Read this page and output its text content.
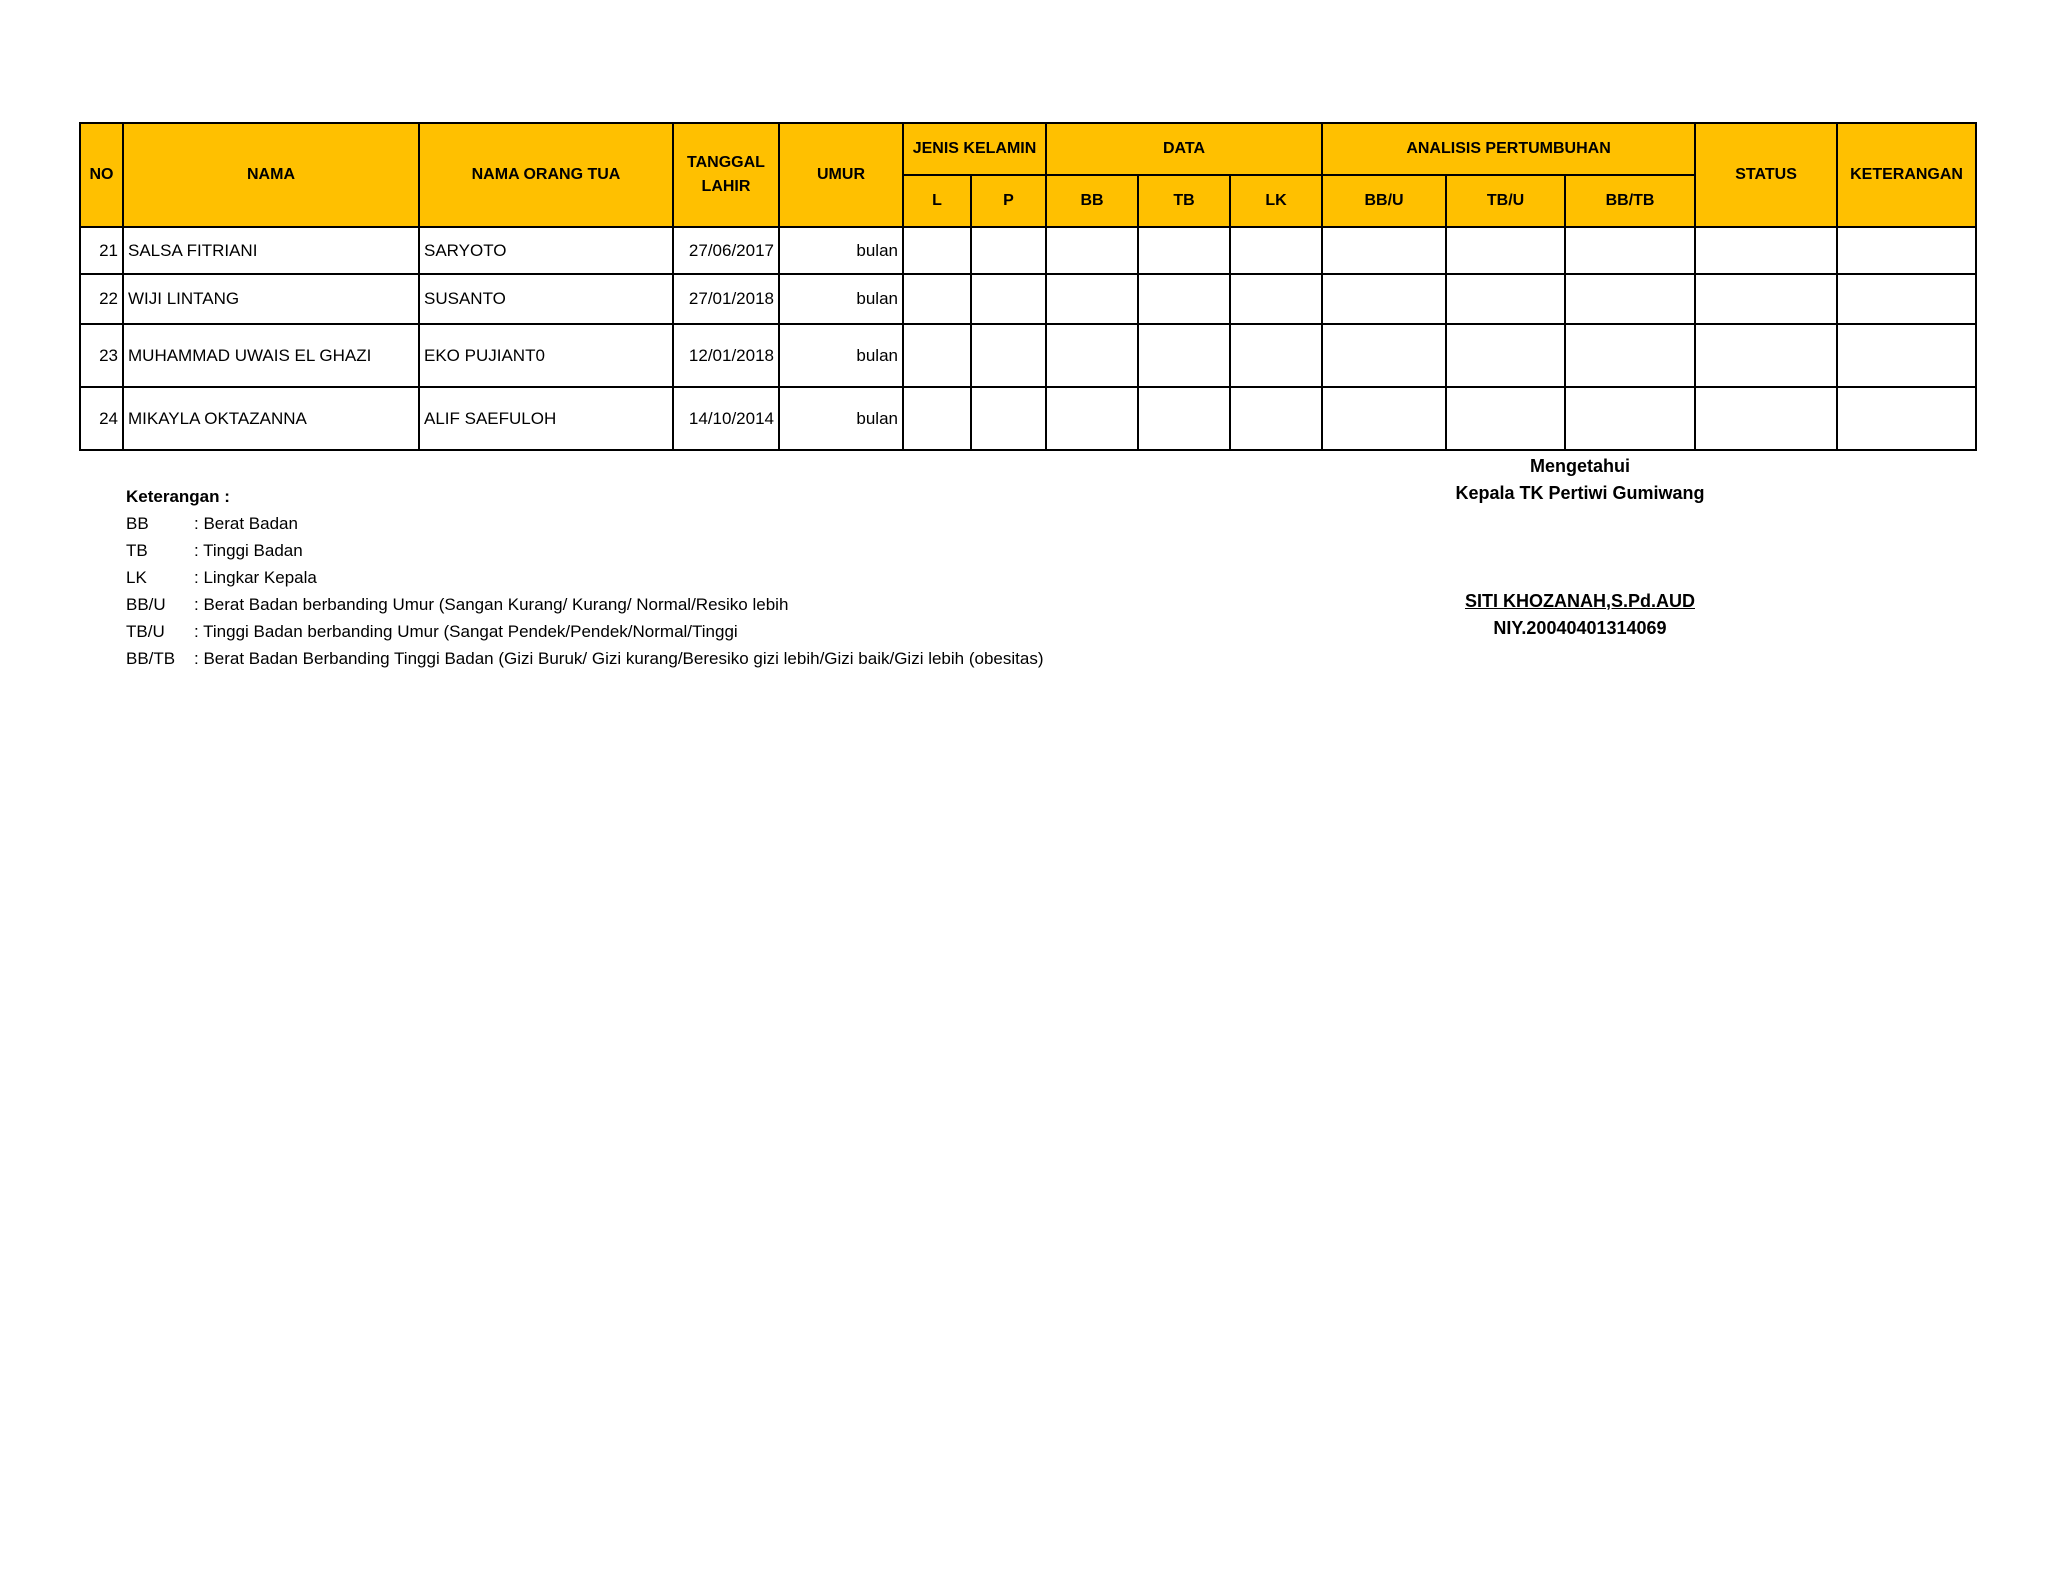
NO	NAMA	NAMA ORANG TUA	TANGGAL LAHIR	UMUR	JENIS KELAMIN		DATA			ANALISIS PERTUMBUHAN			STATUS	KETERANGAN
					L	P	BB	TB	LK	BB/U	TB/U	BB/TB		
21	SALSA FITRIANI	SARYOTO	27/06/2017	bulan										
22	WIJI LINTANG	SUSANTO	27/01/2018	bulan										
23	MUHAMMAD UWAIS EL GHAZI	EKO PUJIANT0	12/01/2018	bulan										
24	MIKAYLA OKTAZANNA	ALIF SAEFULOH	14/10/2014	bulan										
Keterangan :
BB	: Berat Badan
TB	: Tinggi Badan
LK	: Lingkar Kepala
BB/U	: Berat Badan berbanding Umur (Sangan Kurang/ Kurang/ Normal/Resiko lebih
TB/U	: Tinggi Badan berbanding Umur (Sangat Pendek/Pendek/Normal/Tinggi
BB/TB	: Berat Badan Berbanding Tinggi Badan (Gizi Buruk/ Gizi kurang/Beresiko gizi lebih/Gizi baik/Gizi lebih (obesitas)
Mengetahui
Kepala TK Pertiwi Gumiwang
SITI KHOZANAH,S.Pd.AUD
NIY.20040401314069
